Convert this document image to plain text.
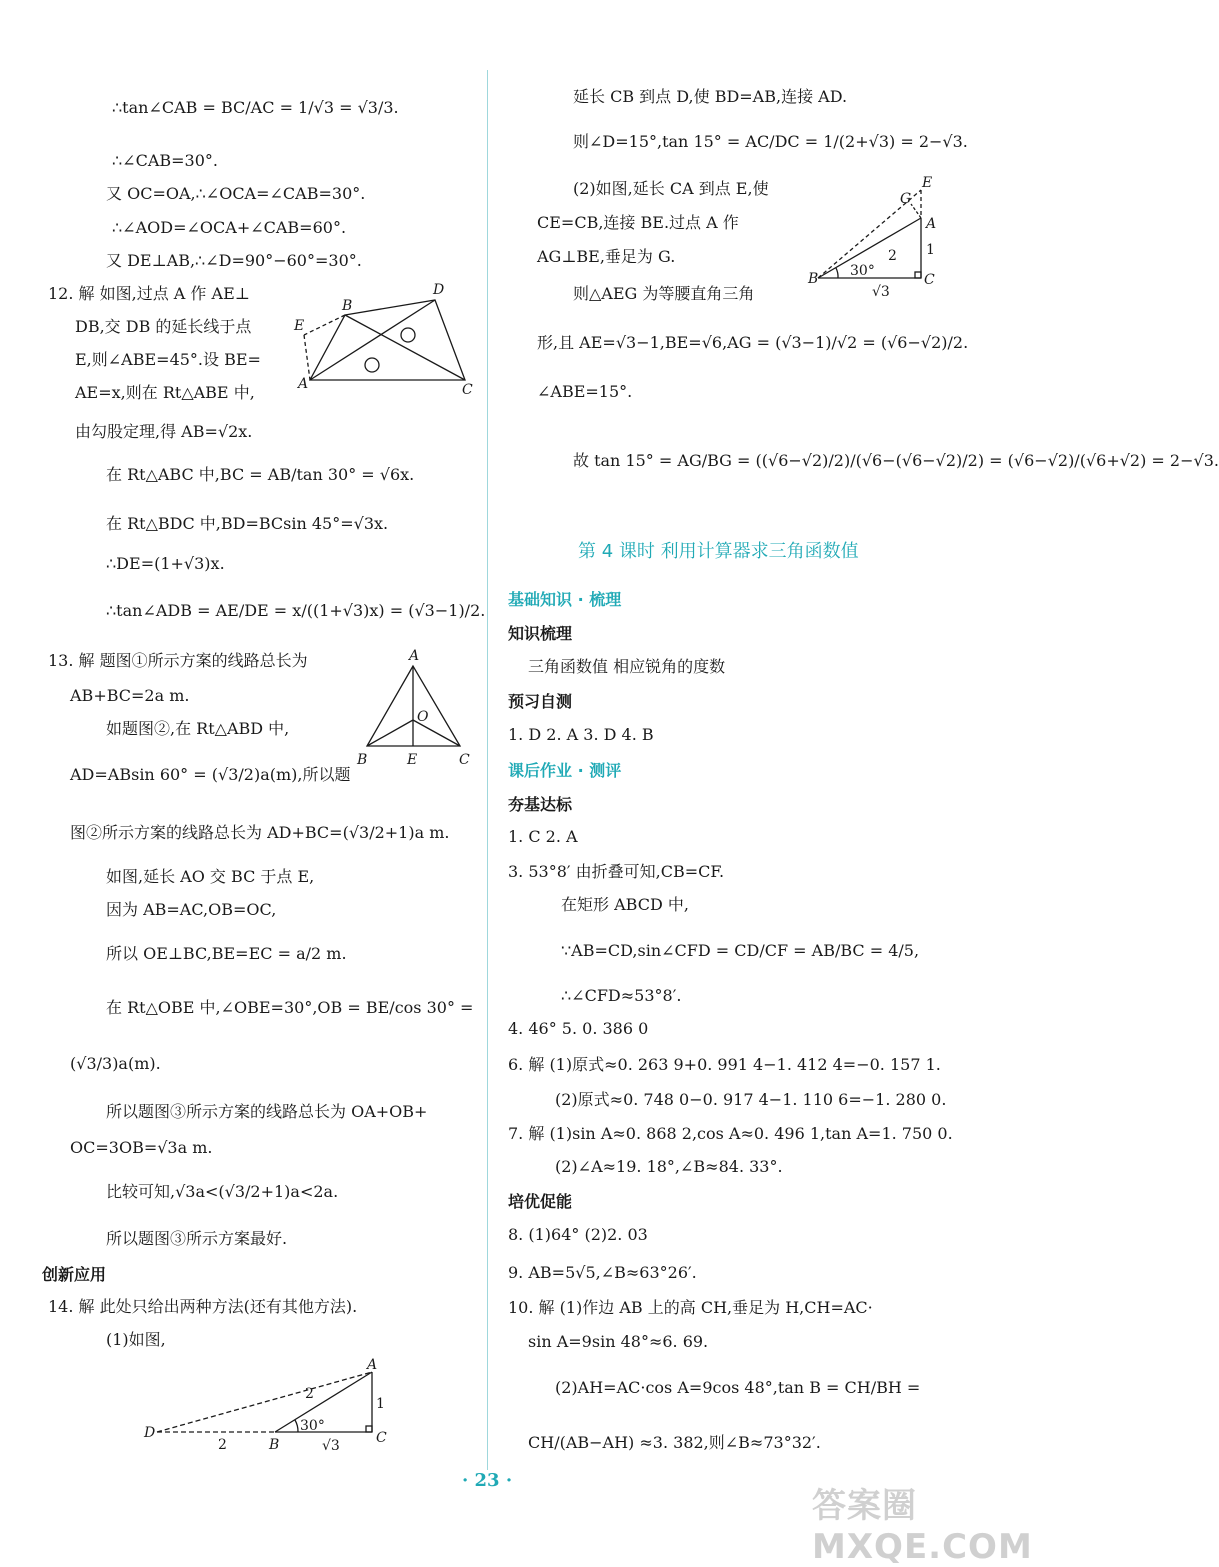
∴tan∠CAB = BC/AC = 1/√3 = √3/3.
∴∠CAB=30°.
又 OC=OA,∴∠OCA=∠CAB=30°.
∴∠AOD=∠OCA+∠CAB=60°.
又 DE⊥AB,∴∠D=90°−60°=30°.
12. 解 如图,过点 A 作 AE⊥
DB,交 DB 的延长线于点
E,则∠ABE=45°.设 BE=
AE=x,则在 Rt△ABE 中,
由勾股定理,得 AB=√2x.
在 Rt△ABC 中,BC = AB/tan 30° = √6x.
在 Rt△BDC 中,BD=BCsin 45°=√3x.
∴DE=(1+√3)x.
∴tan∠ADB = AE/DE = x/((1+√3)x) = (√3−1)/2.
13. 解 题图①所示方案的线路总长为
AB+BC=2a m.
如题图②,在 Rt△ABD 中,
AD=ABsin 60° = (√3/2)a(m),所以题
图②所示方案的线路总长为 AD+BC=(√3/2+1)a m.
如图,延长 AO 交 BC 于点 E,
因为 AB=AC,OB=OC,
所以 OE⊥BC,BE=EC = a/2 m.
在 Rt△OBE 中,∠OBE=30°,OB = BE/cos 30° =
(√3/3)a(m).
所以题图③所示方案的线路总长为 OA+OB+
OC=3OB=√3a m.
比较可知,√3a<(√3/2+1)a<2a.
所以题图③所示方案最好.
创新应用
14. 解 此处只给出两种方法(还有其他方法).
(1)如图,
D
E
B
A	C
A
O
B	E	C
A
D
B	C
2
30°
1
2	√3
延长 CB 到点 D,使 BD=AB,连接 AD.
则∠D=15°,tan 15° = AC/DC = 1/(2+√3) = 2−√3.
(2)如图,延长 CA 到点 E,使
CE=CB,连接 BE.过点 A 作
AG⊥BE,垂足为 G.
则△AEG 为等腰直角三角
形,且 AE=√3−1,BE=√6,AG = (√3−1)/√2 = (√6−√2)/2.
∠ABE=15°.
故 tan 15° = AG/BG = ((√6−√2)/2)/(√6−(√6−√2)/2) = (√6−√2)/(√6+√2) = 2−√3.
第 4 课时 利用计算器求三角函数值
基础知识 · 梳理
知识梳理
三角函数值 相应锐角的度数
预习自测
1. D 2. A 3. D 4. B
课后作业 · 测评
夯基达标
1. C 2. A
3. 53°8′ 由折叠可知,CB=CF.
在矩形 ABCD 中,
∵AB=CD,sin∠CFD = CD/CF = AB/BC = 4/5,
∴∠CFD≈53°8′.
4. 46° 5. 0. 386 0
6. 解 (1)原式≈0. 263 9+0. 991 4−1. 412 4=−0. 157 1.
(2)原式≈0. 748 0−0. 917 4−1. 110 6=−1. 280 0.
7. 解 (1)sin A≈0. 868 2,cos A≈0. 496 1,tan A=1. 750 0.
(2)∠A≈19. 18°,∠B≈84. 33°.
培优促能
8. (1)64° (2)2. 03
9. AB=5√5,∠B≈63°26′.
10. 解 (1)作边 AB 上的高 CH,垂足为 H,CH=AC·
sin A=9sin 48°≈6. 69.
(2)AH=AC·cos A=9cos 48°,tan B = CH/BH =
CH/(AB−AH) ≈3. 382,则∠B≈73°32′.
E
G
A
B	C
30°
2 1
√3
· 23 ·
答案圈 MXQE.COM
